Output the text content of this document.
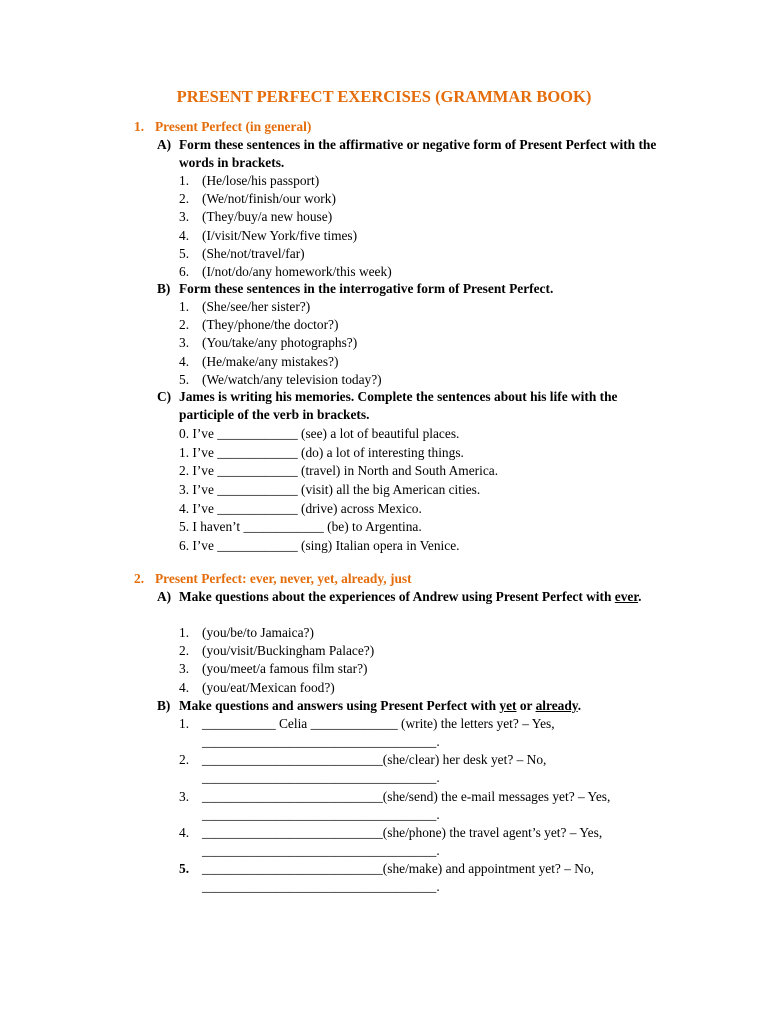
PRESENT PERFECT EXERCISES (GRAMMAR BOOK)
1. Present Perfect (in general)
A) Form these sentences in the affirmative or negative form of Present Perfect with the words in brackets.
1. (He/lose/his passport)
2. (We/not/finish/our work)
3. (They/buy/a new house)
4. (I/visit/New York/five times)
5. (She/not/travel/far)
6. (I/not/do/any homework/this week)
B) Form these sentences in the interrogative form of Present Perfect.
1. (She/see/her sister?)
2. (They/phone/the doctor?)
3. (You/take/any photographs?)
4. (He/make/any mistakes?)
5. (We/watch/any television today?)
C) James is writing his memories. Complete the sentences about his life with the participle of the verb in brackets.
0. I’ve ____________ (see) a lot of beautiful places.
1. I’ve ____________ (do) a lot of interesting things.
2. I’ve ____________ (travel) in North and South America.
3. I’ve ____________ (visit) all the big American cities.
4. I’ve ____________ (drive) across Mexico.
5. I haven’t ____________ (be) to Argentina.
6. I’ve ____________ (sing) Italian opera in Venice.
2. Present Perfect: ever, never, yet, already, just
A) Make questions about the experiences of Andrew using Present Perfect with ever.
1. (you/be/to Jamaica?)
2. (you/visit/Buckingham Palace?)
3. (you/meet/a famous film star?)
4. (you/eat/Mexican food?)
B) Make questions and answers using Present Perfect with yet or already.
1. ___________ Celia _____________ (write) the letters yet? – Yes,
___________________________________.
2. ___________________________(she/clear) her desk yet? – No,
___________________________________.
3. ___________________________(she/send) the e-mail messages yet? – Yes,
___________________________________.
4. ___________________________(she/phone) the travel agent’s yet? – Yes,
___________________________________.
5. ___________________________(she/make) and appointment yet? – No,
___________________________________.
